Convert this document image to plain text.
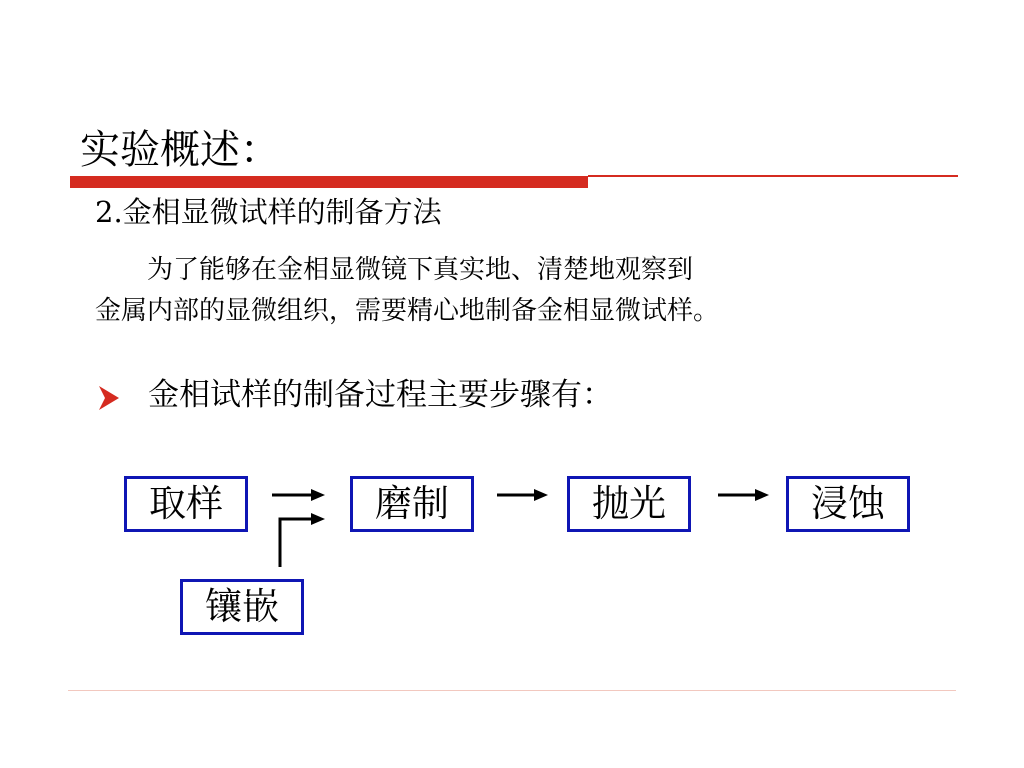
实验概述：
2.金相显微试样的制备方法
为了能够在金相显微镜下真实地、清楚地观察到
金属内部的显微组织，需要精心地制备金相显微试样。
金相试样的制备过程主要步骤有：
取样	磨制	抛光	浸蚀
镶嵌
